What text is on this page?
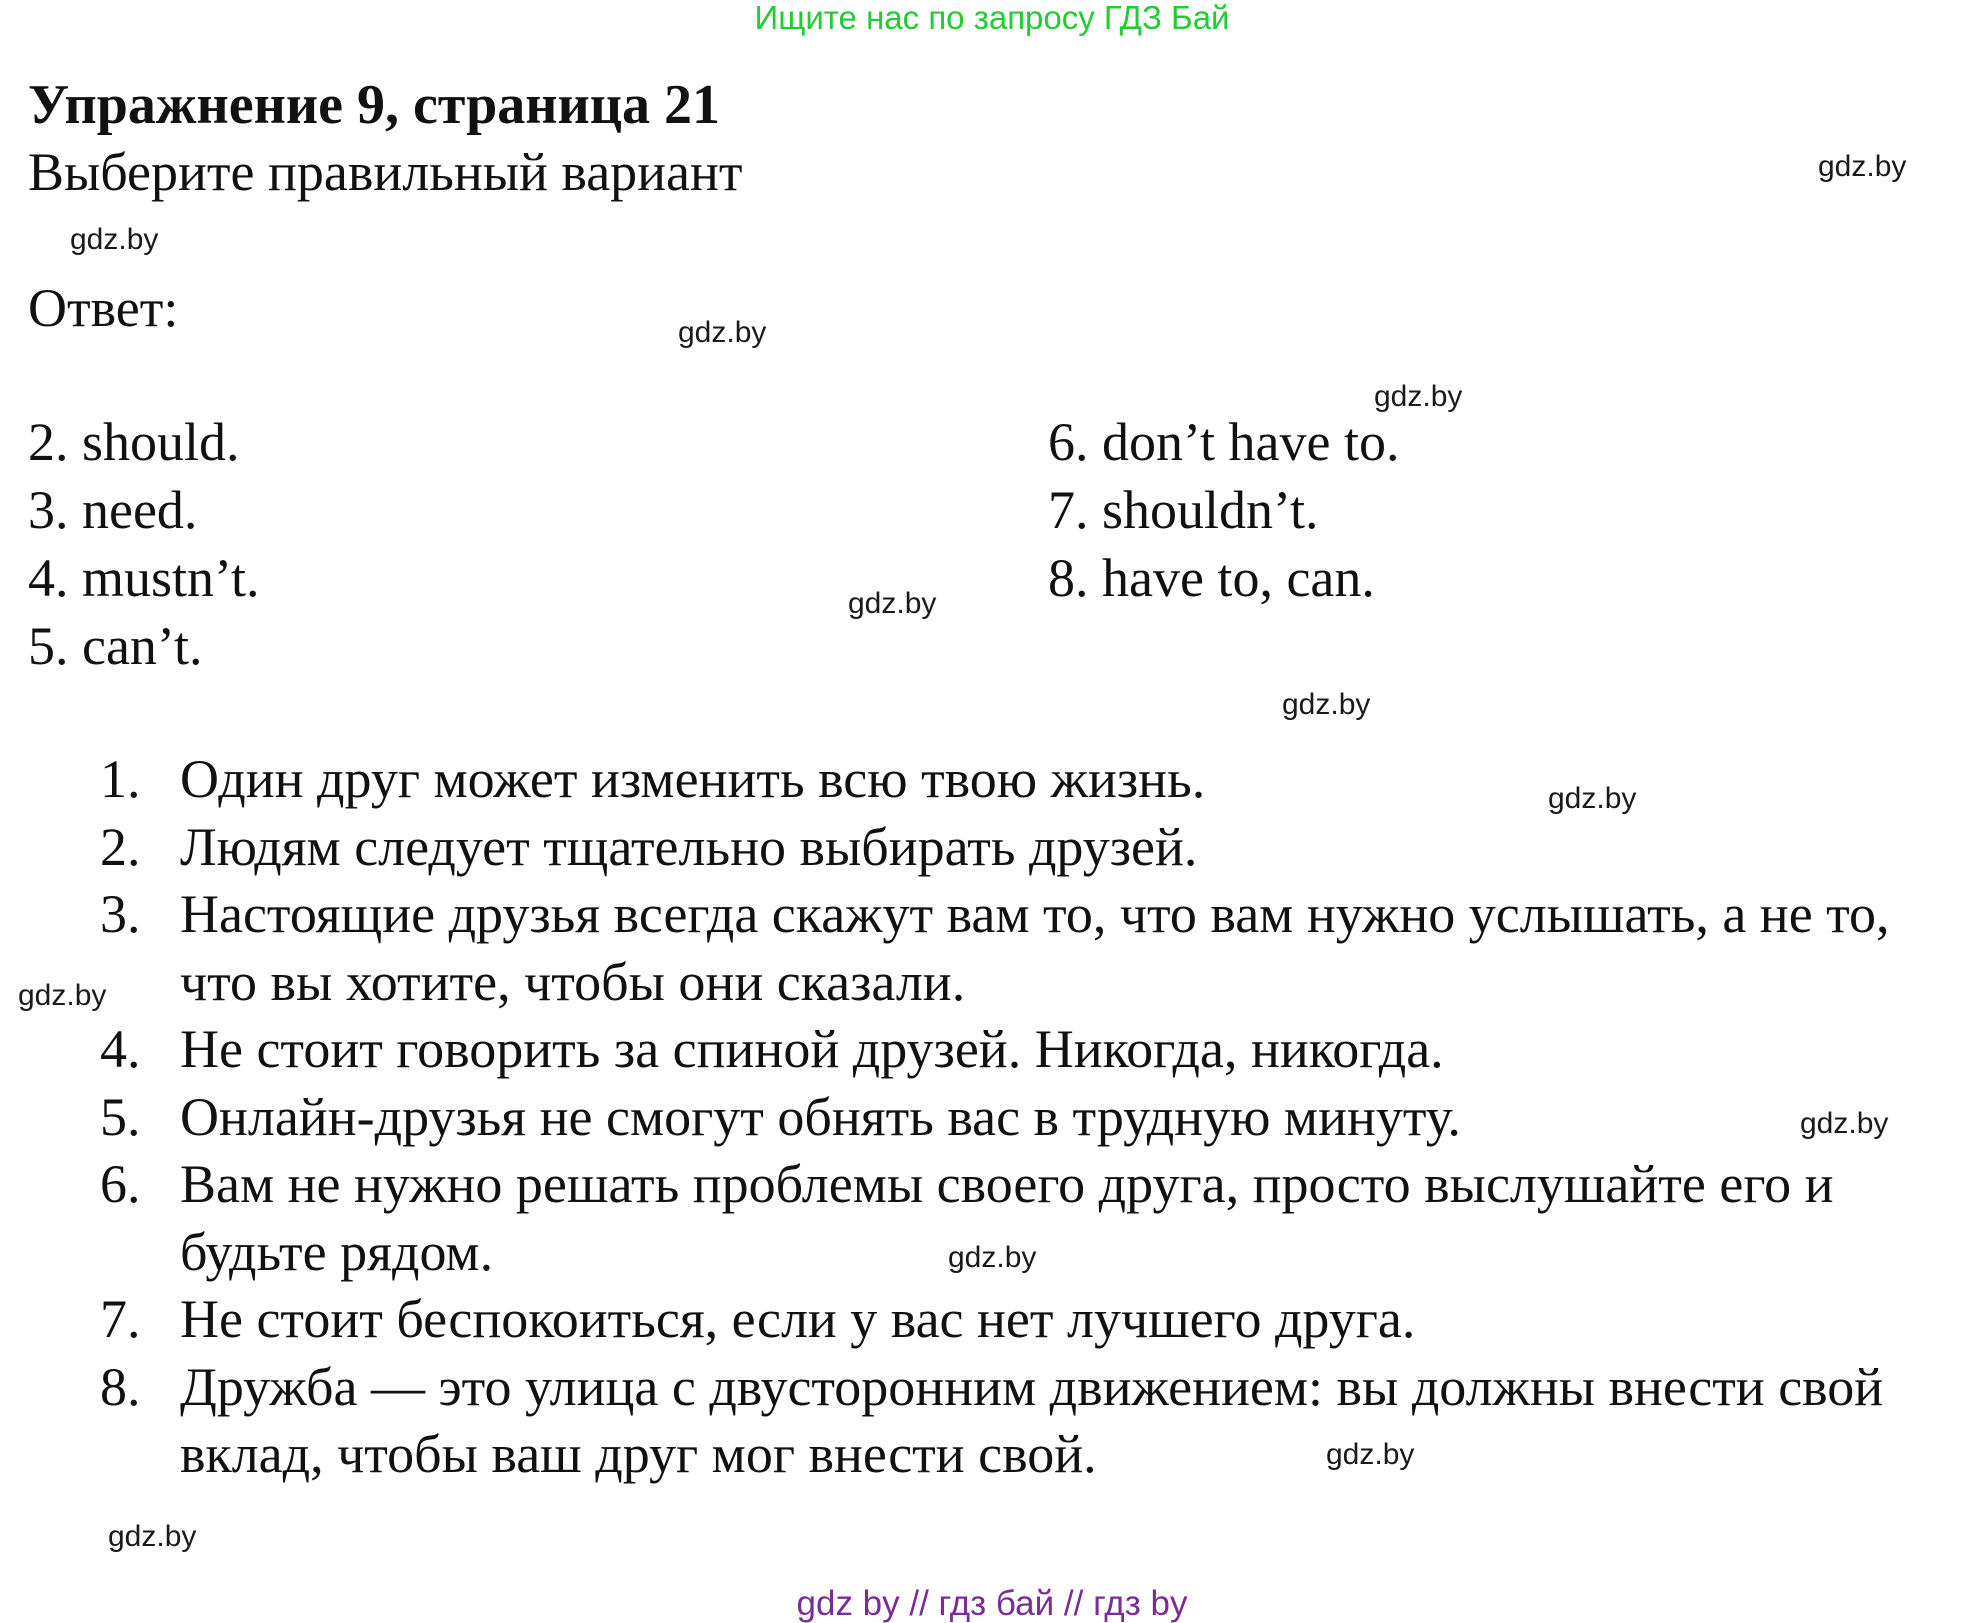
Ищите нас по запросу ГДЗ Бай
Упражнение 9, страница 21
Выберите правильный вариант
Ответ:
2. should.
3. need.
4. mustn’t.
5. can’t.
6. don’t have to.
7. shouldn’t.
8. have to, can.
1. Один друг может изменить всю твою жизнь.
2. Людям следует тщательно выбирать друзей.
3. Настоящие друзья всегда скажут вам то, что вам нужно услышать, а не то, что вы хотите, чтобы они сказали.
4. Не стоит говорить за спиной друзей. Никогда, никогда.
5. Онлайн-друзья не смогут обнять вас в трудную минуту.
6. Вам не нужно решать проблемы своего друга, просто выслушайте его и будьте рядом.
7. Не стоит беспокоиться, если у вас нет лучшего друга.
8. Дружба — это улица с двусторонним движением: вы должны внести свой вклад, чтобы ваш друг мог внести свой.
gdz.by
gdz.by
gdz.by
gdz.by
gdz.by
gdz.by
gdz.by
gdz.by
gdz.by
gdz.by
gdz.by
gdz.by
gdz by // гдз бай // гдз by
